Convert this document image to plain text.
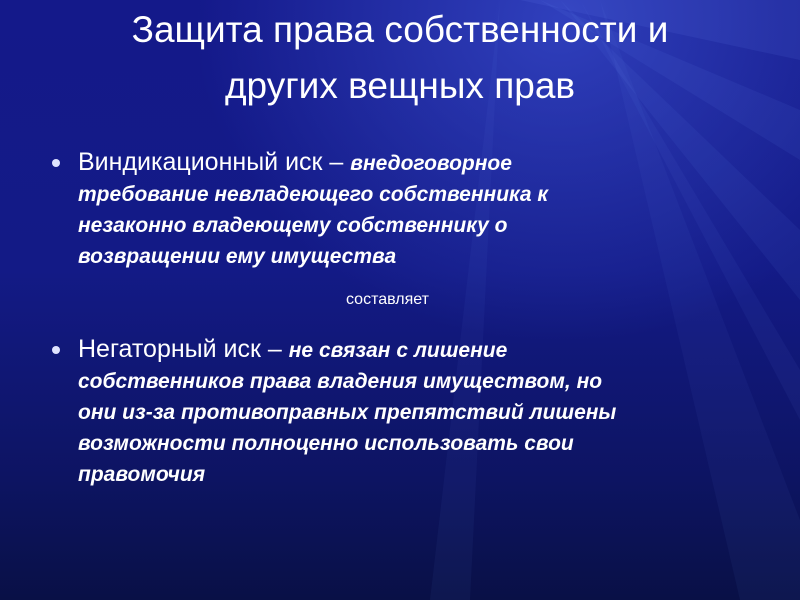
Защита права собственности и
других вещных прав

Виндикационный иск – внедоговорное

требование невладеющего собственника к

незаконно владеющему собственнику о

возвращении ему имущества

составляет

Негаторный иск – не связан с лишение

собственников права владения имуществом, но

они из-за противоправных препятствий лишены

возможности полноценно использовать свои

правомочия
